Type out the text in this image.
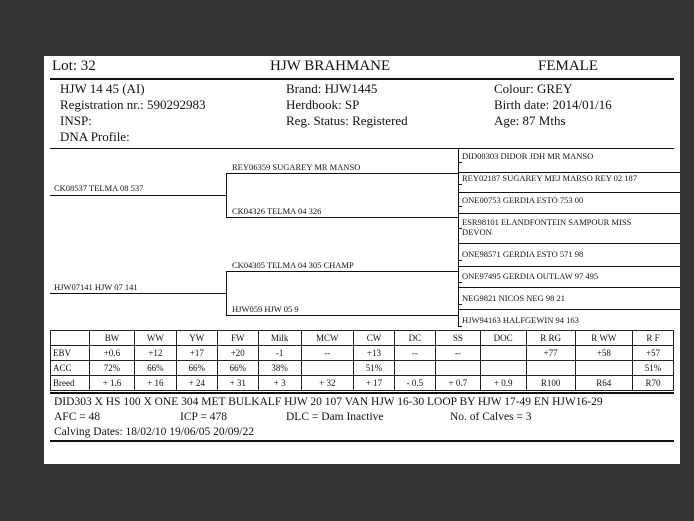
Lot: 32	HJW BRAHMANE	FEMALE
HJW 14 45 (AI)
Registration nr.: 590292983
INSP:
DNA Profile:
Brand: HJW1445
Herdbook: SP
Reg. Status: Registered
Colour: GREY
Birth date: 2014/01/16
Age: 87 Mths
CK08537 TELMA 08 537
HJW07141 HJW 07 141
REY06359 SUGAREY MR MANSO
CK04326 TELMA 04 326
CK04305 TELMA 04 305 CHAMP
HJW059 HJW 05 9
DID00303 DIDOR JDH MR MANSO
REY02187 SUGAREY MEJ MARSO REY 02 187
ONE00753 GERDIA ESTO 753 00
ESR98101 ELANDFONTEIN SAMPOUR MISS
DEVON
ONE98571 GERDIA ESTO 571 98
ONE97495 GERDIA OUTLAW 97 495
NEG9821 NICOS NEG 98 21
HJW94163 HALFGEWIN 94 163
	BW	WW	YW	FW	Milk	MCW	CW	DC	SS	DOC	R RG	R WW	R F
EBV	+0.6	+12	+17	+20	-1	--	+13	--	--		+77	+58	+57
ACC	72%	66%	66%	66%	38%		51%						51%
Breed	+ 1.6	+ 16	+ 24	+ 31	+ 3	+ 32	+ 17	- 0.5	+ 0.7	+ 0.9	R100	R64	R70
DID303 X HS 100 X ONE 304 MET BULKALF HJW 20 107 VAN HJW 16-30 LOOP BY HJW 17-49 EN HJW16-29
AFC = 48	ICP = 478	DLC = Dam Inactive	No. of Calves = 3
Calving Dates: 18/02/10 19/06/05 20/09/22
